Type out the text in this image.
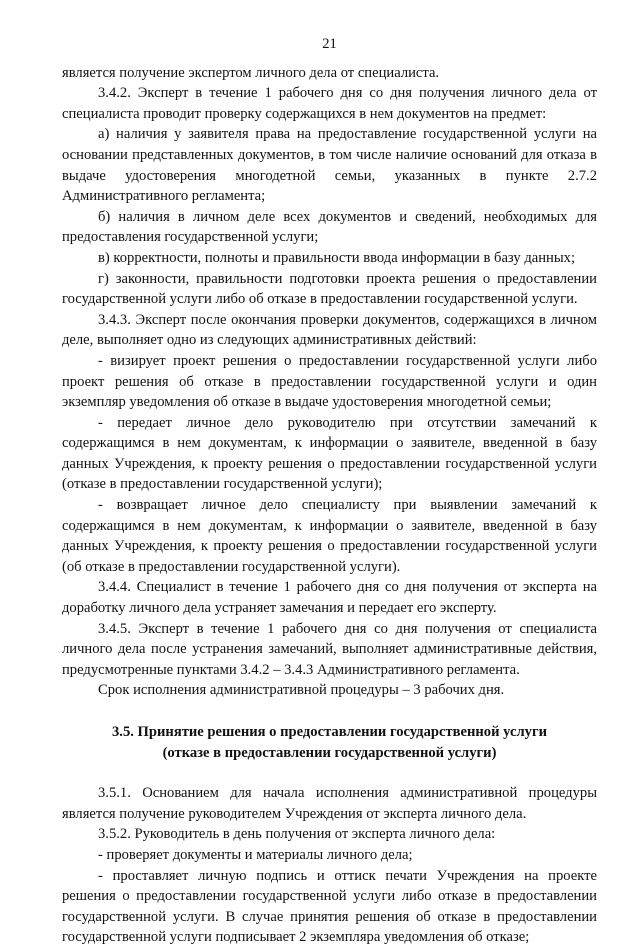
21

является получение экспертом личного дела от специалиста.

3.4.2. Эксперт в течение 1 рабочего дня со дня получения личного дела от специалиста проводит проверку содержащихся в нем документов на предмет:

а) наличия у заявителя права на предоставление государственной услуги на основании представленных документов, в том числе наличие оснований для отказа в выдаче удостоверения многодетной семьи, указанных в пункте 2.7.2 Административного регламента;

б) наличия в личном деле всех документов и сведений, необходимых для предоставления государственной услуги;

в) корректности, полноты и правильности ввода информации в базу данных;

г) законности, правильности подготовки проекта решения о предоставлении государственной услуги либо об отказе в предоставлении государственной услуги.

3.4.3. Эксперт после окончания проверки документов, содержащихся в личном деле, выполняет одно из следующих административных действий:

- визирует проект решения о предоставлении государственной услуги либо проект решения об отказе в предоставлении государственной услуги и один экземпляр уведомления об отказе в выдаче удостоверения многодетной семьи;

- передает личное дело руководителю при отсутствии замечаний к содержащимся в нем документам, к информации о заявителе, введенной в базу данных Учреждения, к проекту решения о предоставлении государственной услуги (отказе в предоставлении государственной услуги);

- возвращает личное дело специалисту при выявлении замечаний к содержащимся в нем документам, к информации о заявителе, введенной в базу данных Учреждения, к проекту решения о предоставлении государственной услуги (об отказе в предоставлении государственной услуги).

3.4.4. Специалист в течение 1 рабочего дня со дня получения от эксперта на доработку личного дела устраняет замечания и передает его эксперту.

3.4.5. Эксперт в течение 1 рабочего дня со дня получения от специалиста личного дела после устранения замечаний, выполняет административные действия, предусмотренные пунктами 3.4.2 – 3.4.3 Административного регламента.

Срок исполнения административной процедуры – 3 рабочих дня.

3.5. Принятие решения о предоставлении государственной услуги
(отказе в предоставлении государственной услуги)

3.5.1. Основанием для начала исполнения административной процедуры является получение руководителем Учреждения от эксперта личного дела.

3.5.2. Руководитель в день получения от эксперта личного дела:

- проверяет документы и материалы личного дела;

- проставляет личную подпись и оттиск печати Учреждения на проекте решения о предоставлении государственной услуги либо отказе в предоставлении государственной услуги. В случае принятия решения об отказе в предоставлении государственной услуги подписывает 2 экземпляра уведомления об отказе;
